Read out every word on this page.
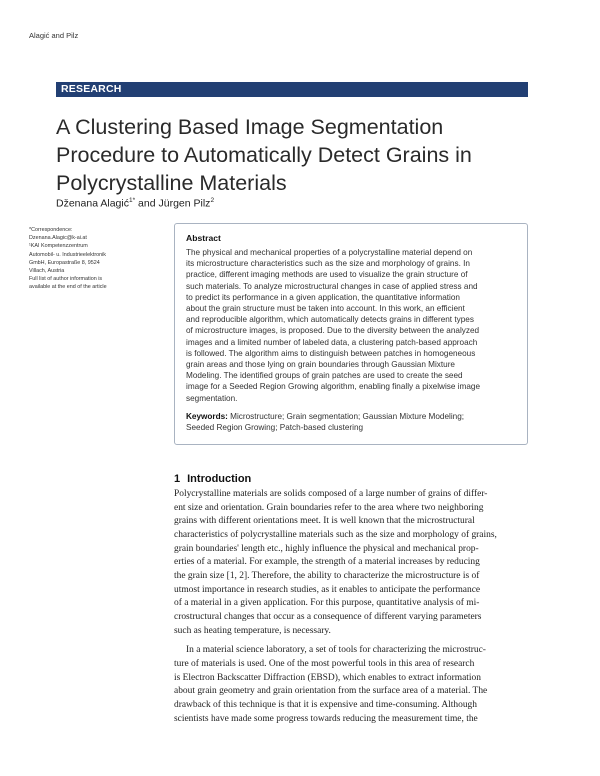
Alagić and Pilz
RESEARCH
A Clustering Based Image Segmentation
Procedure to Automatically Detect Grains in
Polycrystalline Materials
Dženana Alagić$^{1*}$ and Jürgen Pilz$^2$
*Correspondence:
Dzenana.Alagic@k-ai.at
¹KAI Kompetenzzentrum
Automobil- u. Industrieelektronik
GmbH, Europastraße 8, 9524
Villach, Austria
Full list of author information is
available at the end of the article
Abstract
The physical and mechanical properties of a polycrystalline material depend on
its microstructure characteristics such as the size and morphology of grains. In
practice, different imaging methods are used to visualize the grain structure of
such materials. To analyze microstructural changes in case of applied stress and
to predict its performance in a given application, the quantitative information
about the grain structure must be taken into account. In this work, an efficient
and reproducible algorithm, which automatically detects grains in different types
of microstructure images, is proposed. Due to the diversity between the analyzed
images and a limited number of labeled data, a clustering patch-based approach
is followed. The algorithm aims to distinguish between patches in homogeneous
grain areas and those lying on grain boundaries through Gaussian Mixture
Modeling. The identified groups of grain patches are used to create the seed
image for a Seeded Region Growing algorithm, enabling finally a pixelwise image
segmentation.
Keywords: Microstructure; Grain segmentation; Gaussian Mixture Modeling;
Seeded Region Growing; Patch-based clustering
1 Introduction
Polycrystalline materials are solids composed of a large number of grains of differ-
ent size and orientation. Grain boundaries refer to the area where two neighboring
grains with different orientations meet. It is well known that the microstructural
characteristics of polycrystalline materials such as the size and morphology of grains,
grain boundaries' length etc., highly influence the physical and mechanical prop-
erties of a material. For example, the strength of a material increases by reducing
the grain size [1, 2]. Therefore, the ability to characterize the microstructure is of
utmost importance in research studies, as it enables to anticipate the performance
of a material in a given application. For this purpose, quantitative analysis of mi-
crostructural changes that occur as a consequence of different varying parameters
such as heating temperature, is necessary.
In a material science laboratory, a set of tools for characterizing the microstruc-
ture of materials is used. One of the most powerful tools in this area of research
is Electron Backscatter Diffraction (EBSD), which enables to extract information
about grain geometry and grain orientation from the surface area of a material. The
drawback of this technique is that it is expensive and time-consuming. Although
scientists have made some progress towards reducing the measurement time, the
